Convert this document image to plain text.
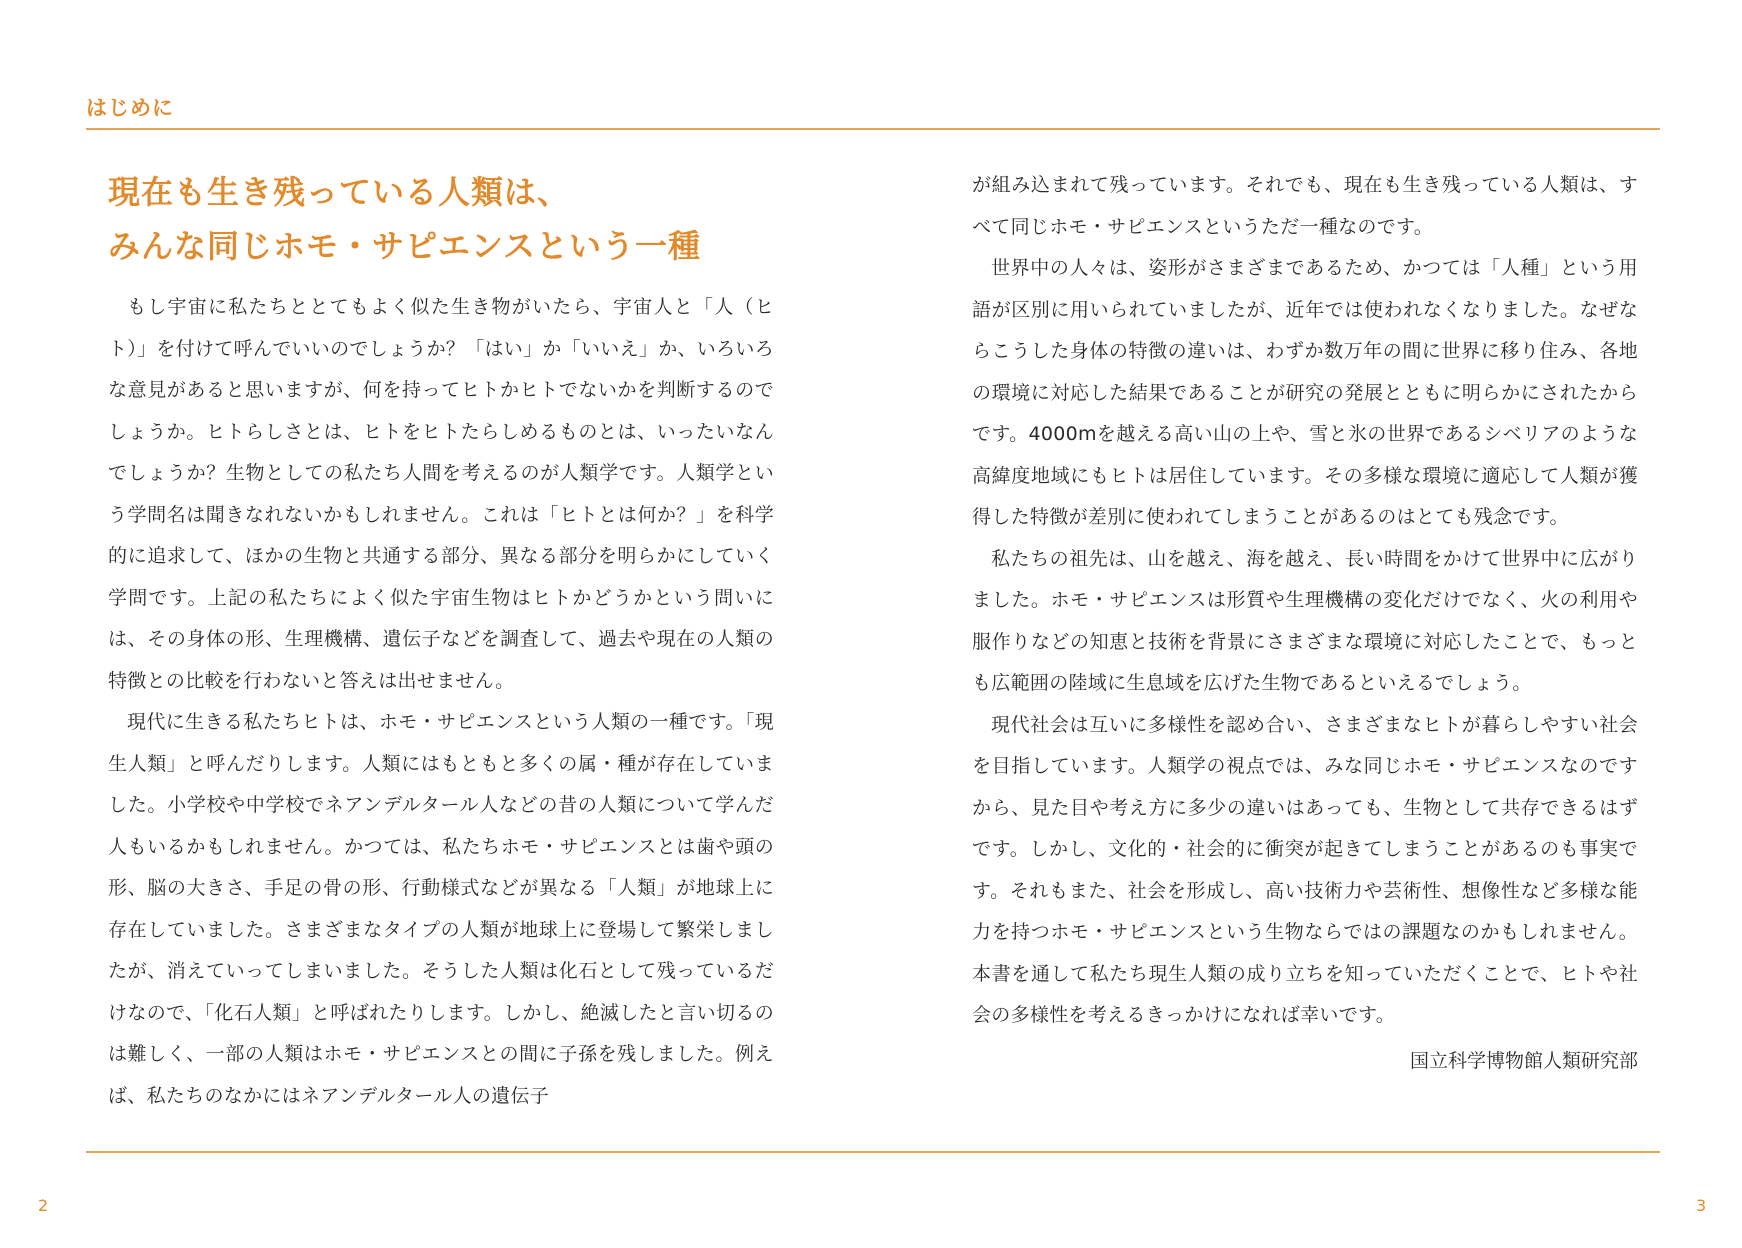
はじめに
現在も生き残っている人類は、
みんな同じホモ・サピエンスという一種

もし宇宙に私たちととてもよく似た生き物がいたら、宇宙人と「人（ヒト）」を付けて呼んでいいのでしょうか？「はい」か「いいえ」か、いろいろな意見があると思いますが、何を持ってヒトかヒトでないかを判断するのでしょうか。ヒトらしさとは、ヒトをヒトたらしめるものとは、いったいなんでしょうか？生物としての私たち人間を考えるのが人類学です。人類学という学問名は聞きなれないかもしれません。これは「ヒトとは何か？」を科学的に追求して、ほかの生物と共通する部分、異なる部分を明らかにしていく学問です。上記の私たちによく似た宇宙生物はヒトかどうかという問いには、その身体の形、生理機構、遺伝子などを調査して、過去や現在の人類の特徴との比較を行わないと答えは出せません。

現代に生きる私たちヒトは、ホモ・サピエンスという人類の一種です。「現生人類」と呼んだりします。人類にはもともと多くの属・種が存在していました。小学校や中学校でネアンデルタール人などの昔の人類について学んだ人もいるかもしれません。かつては、私たちホモ・サピエンスとは歯や頭の形、脳の大きさ、手足の骨の形、行動様式などが異なる「人類」が地球上に存在していました。さまざまなタイプの人類が地球上に登場して繁栄しましたが、消えていってしまいました。そうした人類は化石として残っているだけなので、「化石人類」と呼ばれたりします。しかし、絶滅したと言い切るのは難しく、一部の人類はホモ・サピエンスとの間に子孫を残しました。例えば、私たちのなかにはネアンデルタール人の遺伝子

が組み込まれて残っています。それでも、現在も生き残っている人類は、すべて同じホモ・サピエンスというただ一種なのです。

世界中の人々は、姿形がさまざまであるため、かつては「人種」という用語が区別に用いられていましたが、近年では使われなくなりました。なぜならこうした身体の特徴の違いは、わずか数万年の間に世界に移り住み、各地の環境に対応した結果であることが研究の発展とともに明らかにされたからです。4000mを越える高い山の上や、雪と氷の世界であるシベリアのような高緯度地域にもヒトは居住しています。その多様な環境に適応して人類が獲得した特徴が差別に使われてしまうことがあるのはとても残念です。

私たちの祖先は、山を越え、海を越え、長い時間をかけて世界中に広がりました。ホモ・サピエンスは形質や生理機構の変化だけでなく、火の利用や服作りなどの知恵と技術を背景にさまざまな環境に対応したことで、もっとも広範囲の陸域に生息域を広げた生物であるといえるでしょう。

現代社会は互いに多様性を認め合い、さまざまなヒトが暮らしやすい社会を目指しています。人類学の視点では、みな同じホモ・サピエンスなのですから、見た目や考え方に多少の違いはあっても、生物として共存できるはずです。しかし、文化的・社会的に衝突が起きてしまうことがあるのも事実です。それもまた、社会を形成し、高い技術力や芸術性、想像性など多様な能力を持つホモ・サピエンスという生物ならではの課題なのかもしれません。本書を通して私たち現生人類の成り立ちを知っていただくことで、ヒトや社会の多様性を考えるきっかけになれば幸いです。

国立科学博物館人類研究部
2	3
